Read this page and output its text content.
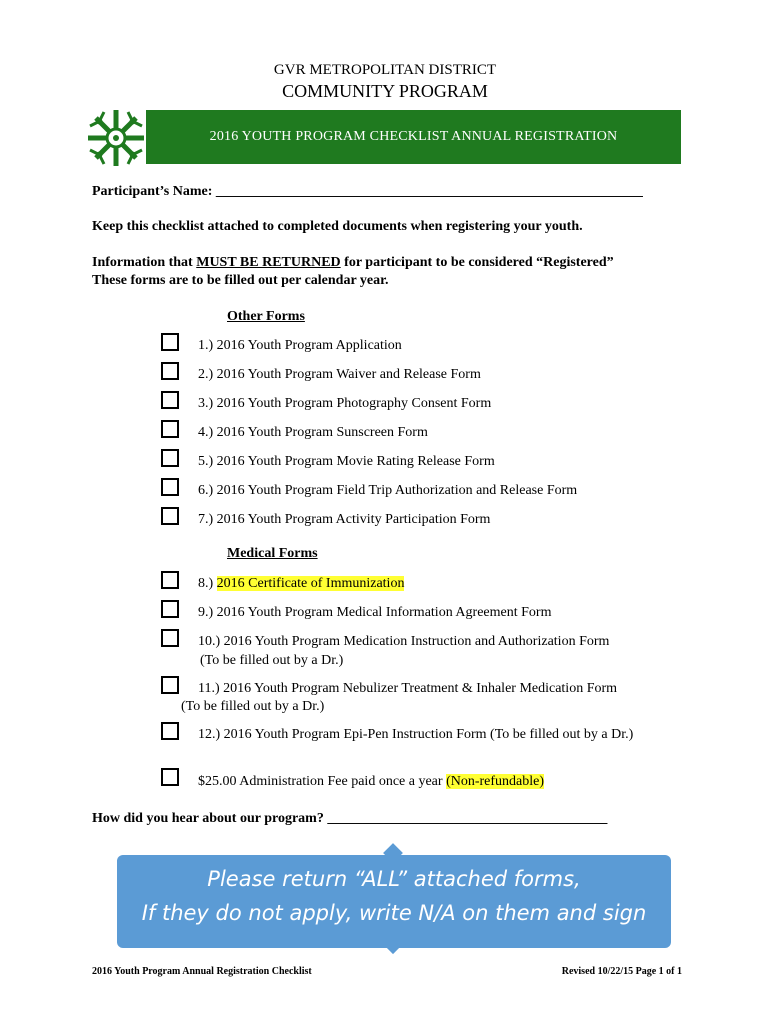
GVR METROPOLITAN DISTRICT
COMMUNITY PROGRAM
2016 YOUTH PROGRAM CHECKLIST ANNUAL REGISTRATION
Participant’s Name: _____________________________________________________________
Keep this checklist attached to completed documents when registering your youth.
Information that MUST BE RETURNED for participant to be considered “Registered”
These forms are to be filled out per calendar year.
Other Forms
1.) 2016 Youth Program Application
2.) 2016 Youth Program Waiver and Release Form
3.) 2016 Youth Program Photography Consent Form
4.) 2016 Youth Program Sunscreen Form
5.) 2016 Youth Program Movie Rating Release Form
6.) 2016 Youth Program Field Trip Authorization and Release Form
7.) 2016 Youth Program Activity Participation Form
Medical Forms
8.) 2016 Certificate of Immunization
9.) 2016 Youth Program Medical Information Agreement Form
10.) 2016 Youth Program Medication Instruction and Authorization Form
(To be filled out by a Dr.)
11.) 2016 Youth Program Nebulizer Treatment & Inhaler Medication Form
(To be filled out by a Dr.)
12.) 2016 Youth Program Epi-Pen Instruction Form (To be filled out by a Dr.)
$25.00 Administration Fee paid once a year (Non-refundable)
How did you hear about our program? ________________________________________
Please return “ALL” attached forms,
If they do not apply, write N/A on them and sign
2016 Youth Program Annual Registration Checklist	Revised 10/22/15 Page 1 of 1
